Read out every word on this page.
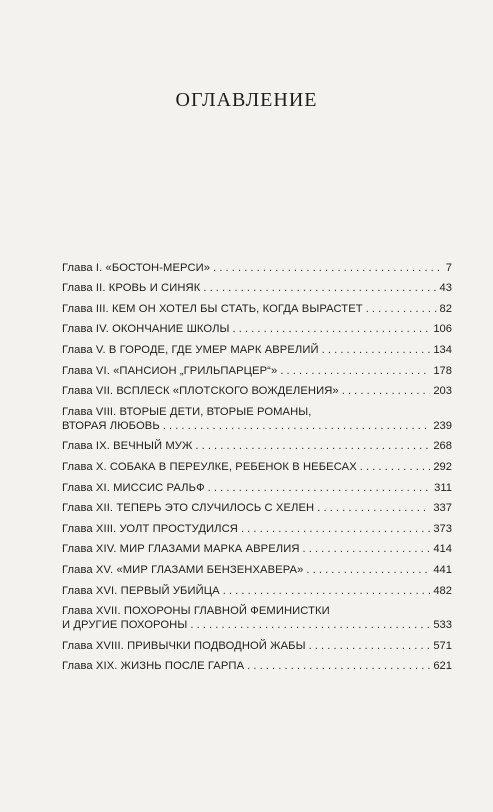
ОГЛАВЛЕНИЕ
Глава I. «БОСТОН-МЕРСИ» . . .	7
Глава II. КРОВЬ И СИНЯК . . .	43
Глава III. КЕМ ОН ХОТЕЛ БЫ СТАТЬ, КОГДА ВЫРАСТЕТ . . .	82
Глава IV. ОКОНЧАНИЕ ШКОЛЫ . . .	106
Глава V. В ГОРОДЕ, ГДЕ УМЕР МАРК АВРЕЛИЙ . . .	134
Глава VI. «ПАНСИОН „ГРИЛЬПАРЦЕР“» . . .	178
Глава VII. ВСПЛЕСК «ПЛОТСКОГО ВОЖДЕЛЕНИЯ» . . .	203
Глава VIII. ВТОРЫЕ ДЕТИ, ВТОРЫЕ РОМАНЫ,
ВТОРАЯ ЛЮБОВЬ . . .	239
Глава IX. ВЕЧНЫЙ МУЖ . . .	268
Глава X. СОБАКА В ПЕРЕУЛКЕ, РЕБЕНОК В НЕБЕСАХ . . .	292
Глава XI. МИССИС РАЛЬФ . . .	311
Глава XII. ТЕПЕРЬ ЭТО СЛУЧИЛОСЬ С ХЕЛЕН . . .	337
Глава XIII. УОЛТ ПРОСТУДИЛСЯ . . .	373
Глава XIV. МИР ГЛАЗАМИ МАРКА АВРЕЛИЯ . . .	414
Глава XV. «МИР ГЛАЗАМИ БЕНЗЕНХАВЕРА» . . .	441
Глава XVI. ПЕРВЫЙ УБИЙЦА . . .	482
Глава XVII. ПОХОРОНЫ ГЛАВНОЙ ФЕМИНИСТКИ
И ДРУГИЕ ПОХОРОНЫ . . .	533
Глава XVIII. ПРИВЫЧКИ ПОДВОДНОЙ ЖАБЫ . . .	571
Глава XIX. ЖИЗНЬ ПОСЛЕ ГАРПА . . .	621
